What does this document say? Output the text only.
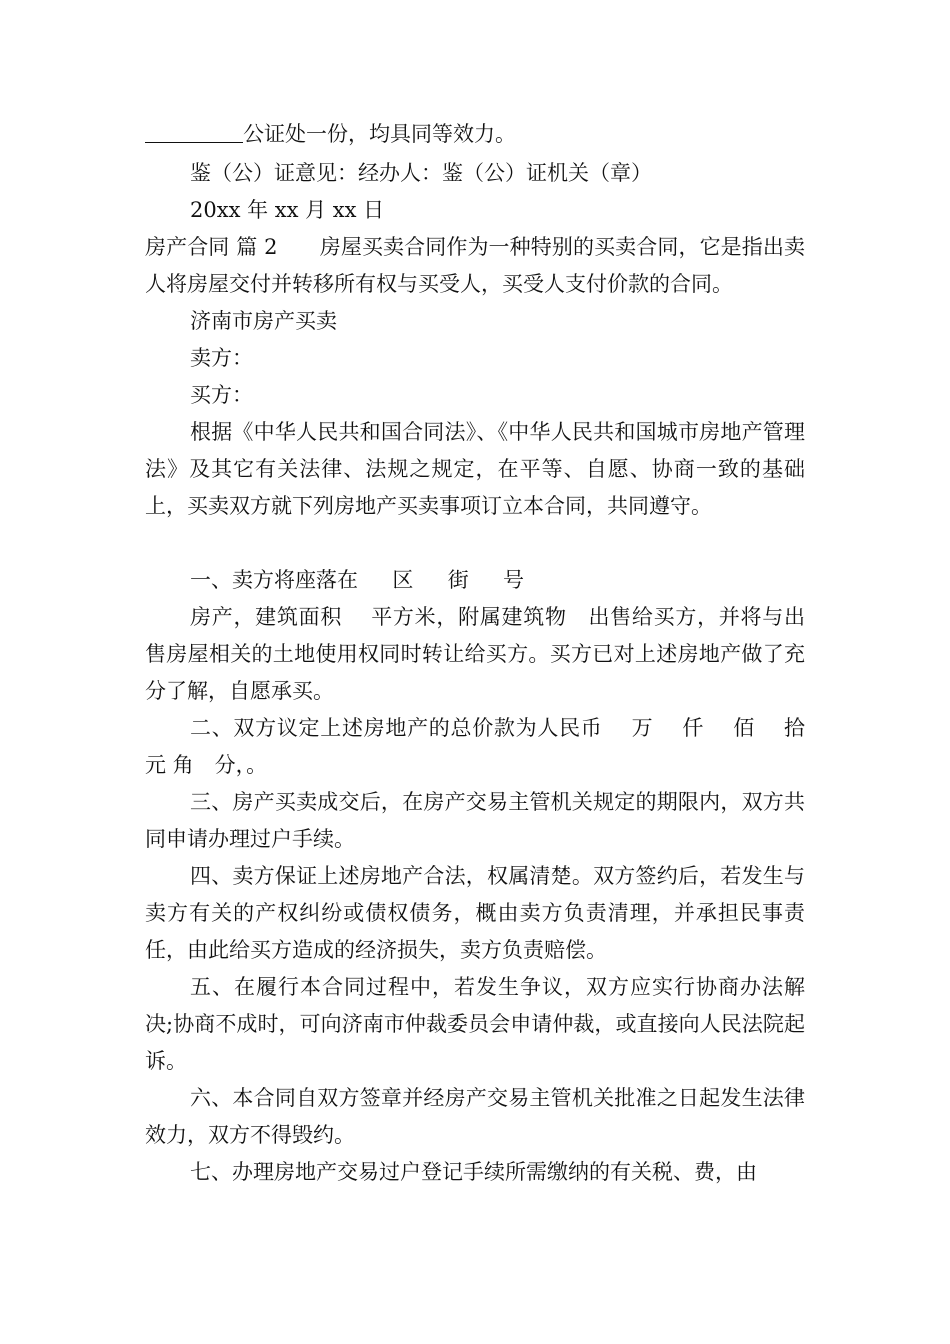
公证处一份，均具同等效力。

鉴（公）证意见：经办人：鉴（公）证机关（章）

20xx 年 xx 月 xx 日

房产合同 篇 2　　房屋买卖合同作为一种特别的买卖合同，它是指出卖人将房屋交付并转移所有权与买受人，买受人支付价款的合同。

济南市房产买卖

卖方：

买方：

根据《中华人民共和国合同法》、《中华人民共和国城市房地产管理法》及其它有关法律、法规之规定，在平等、自愿、协商一致的基础上，买卖双方就下列房地产买卖事项订立本合同，共同遵守。

一、卖方将座落在　  区　  街　  号

房产，建筑面积　 平方米，附属建筑物　出售给买方，并将与出售房屋相关的土地使用权同时转让给买方。买方已对上述房地产做了充分了解，自愿承买。

二、双方议定上述房地产的总价款为人民币　 万　 仟　 佰　 拾　 元 角　分，。

三、房产买卖成交后，在房产交易主管机关规定的期限内，双方共同申请办理过户手续。

四、卖方保证上述房地产合法，权属清楚。双方签约后，若发生与卖方有关的产权纠纷或债权债务，概由卖方负责清理，并承担民事责任，由此给买方造成的经济损失，卖方负责赔偿。

五、在履行本合同过程中，若发生争议，双方应实行协商办法解决;协商不成时，可向济南市仲裁委员会申请仲裁，或直接向人民法院起诉。

六、本合同自双方签章并经房产交易主管机关批准之日起发生法律效力，双方不得毁约。

七、办理房地产交易过户登记手续所需缴纳的有关税、费，由
